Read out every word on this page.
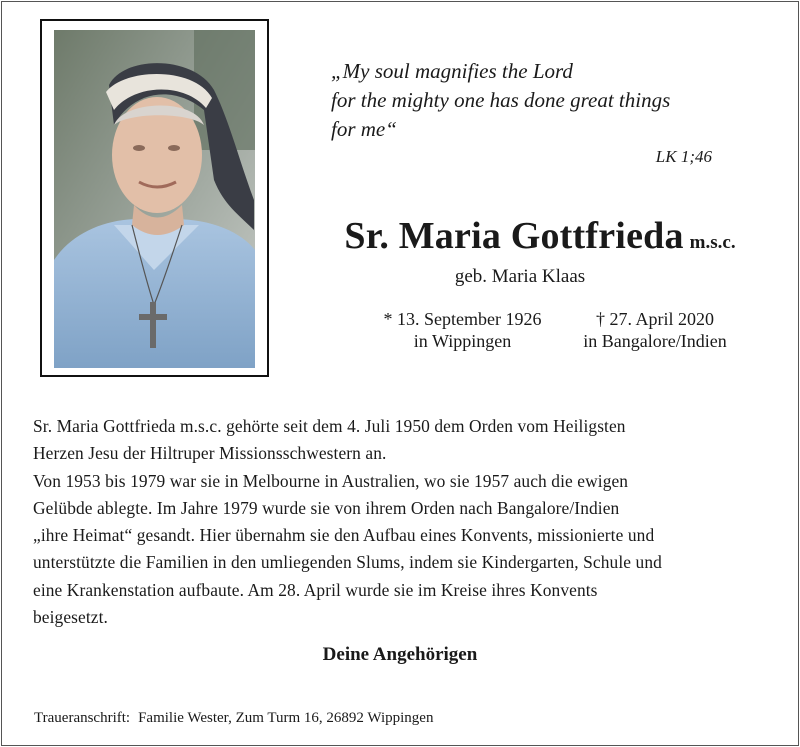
„My soul magnifies the Lord
for the mighty one has done great things
for me“
LK 1;46
Sr. Maria Gottfrieda m.s.c.
geb. Maria Klaas
* 13. September 1926
in Wippingen
† 27. April 2020
in Bangalore/Indien

Sr. Maria Gottfrieda m.s.c. gehörte seit dem 4. Juli 1950 dem Orden vom Heiligsten

Herzen Jesu der Hiltruper Missionsschwestern an.

Von 1953 bis 1979 war sie in Melbourne in Australien, wo sie 1957 auch die ewigen

Gelübde ablegte. Im Jahre 1979 wurde sie von ihrem Orden nach Bangalore/Indien

„ihre Heimat“ gesandt. Hier übernahm sie den Aufbau eines Konvents, missionierte und

unterstützte die Familien in den umliegenden Slums, indem sie Kindergarten, Schule und

eine Krankenstation aufbaute. Am 28. April wurde sie im Kreise ihres Konvents

beigesetzt.

Deine Angehörigen
Traueranschrift: Familie Wester, Zum Turm 16, 26892 Wippingen
